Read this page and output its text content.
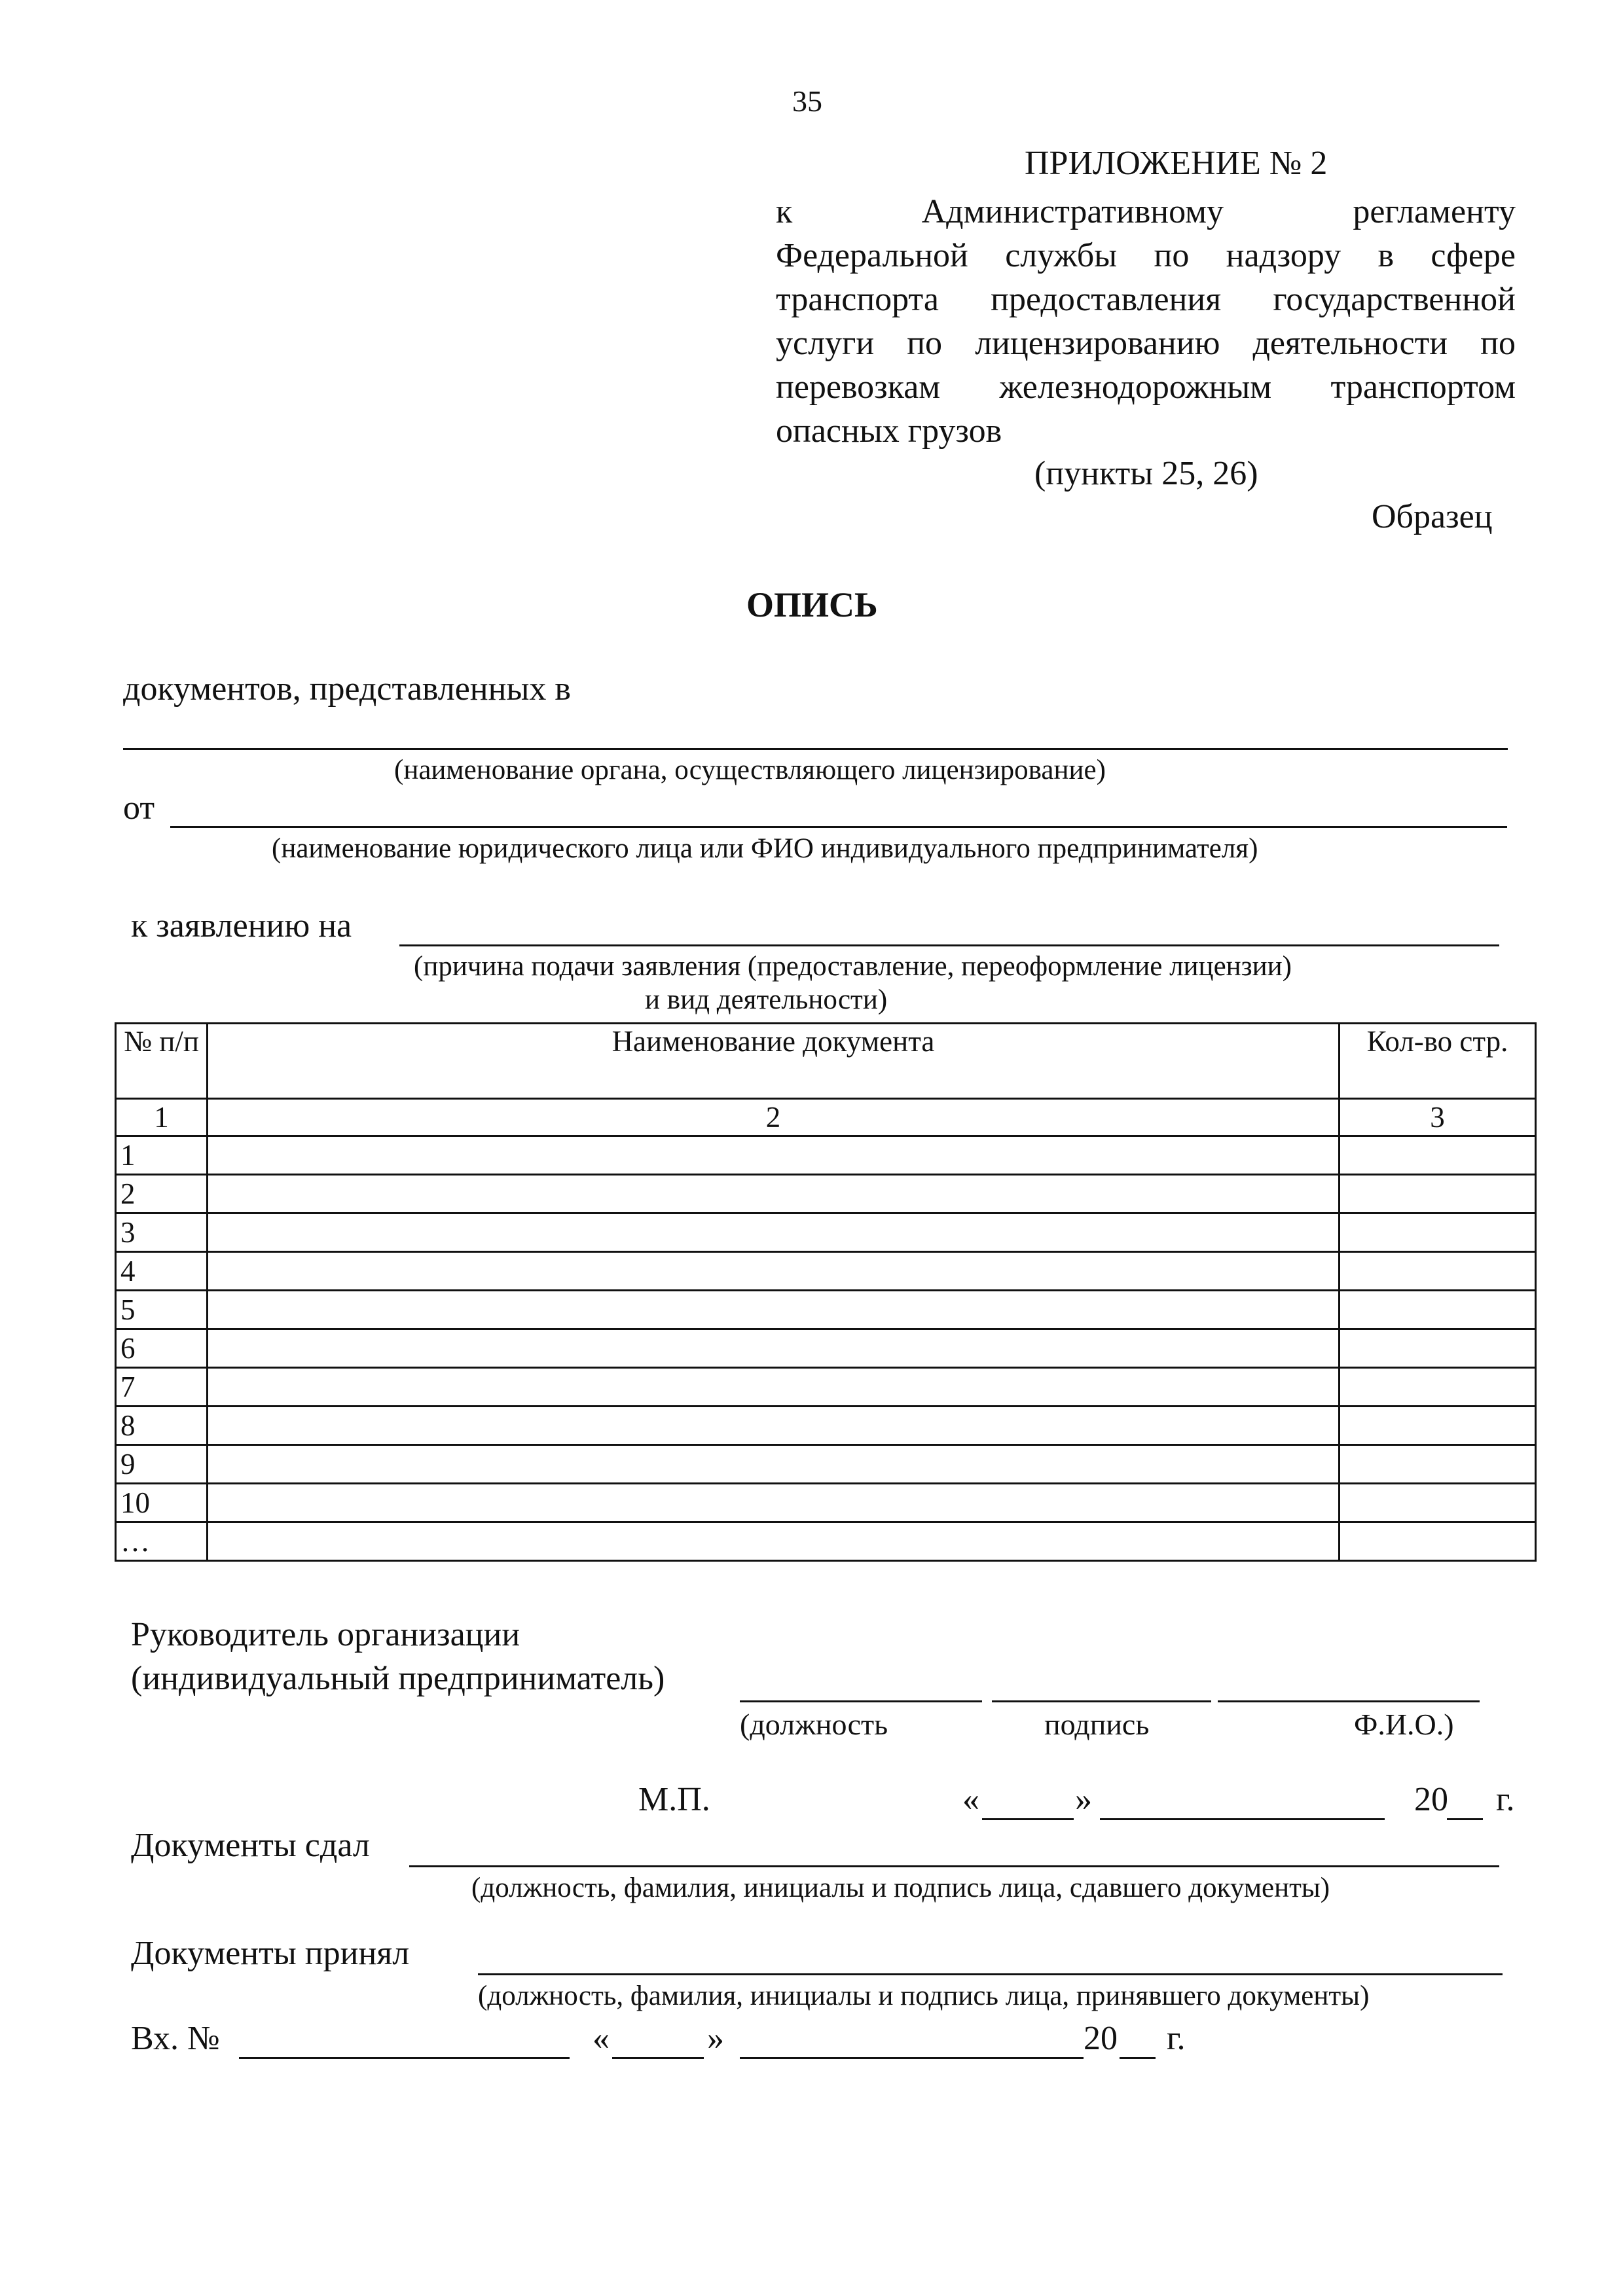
35
ПРИЛОЖЕНИЕ № 2
к Административному регламенту
Федеральной службы по надзору в сфере
транспорта предоставления государственной
услуги по лицензированию деятельности по
перевозкам железнодорожным транспортом
опасных грузов
(пункты 25, 26)
Образец
ОПИСЬ
документов, представленных в
(наименование органа, осуществляющего лицензирование)
от
(наименование юридического лица или ФИО индивидуального предпринимателя)
к заявлению на
(причина подачи заявления (предоставление, переоформление лицензии)
и вид деятельности)
№ п/п	Наименование документа	Кол-во стр.
1	2	3
1		
2		
3		
4		
5		
6		
7		
8		
9		
10		
…		
Руководитель организации
(индивидуальный предприниматель)
(должность	подпись	Ф.И.О.)
М.П.	«	»	20 г.
Документы сдал
(должность, фамилия, инициалы и подпись лица, сдавшего документы)
Документы принял
(должность, фамилия, инициалы и подпись лица, принявшего документы)
Вх. №	«	»	20 г.
